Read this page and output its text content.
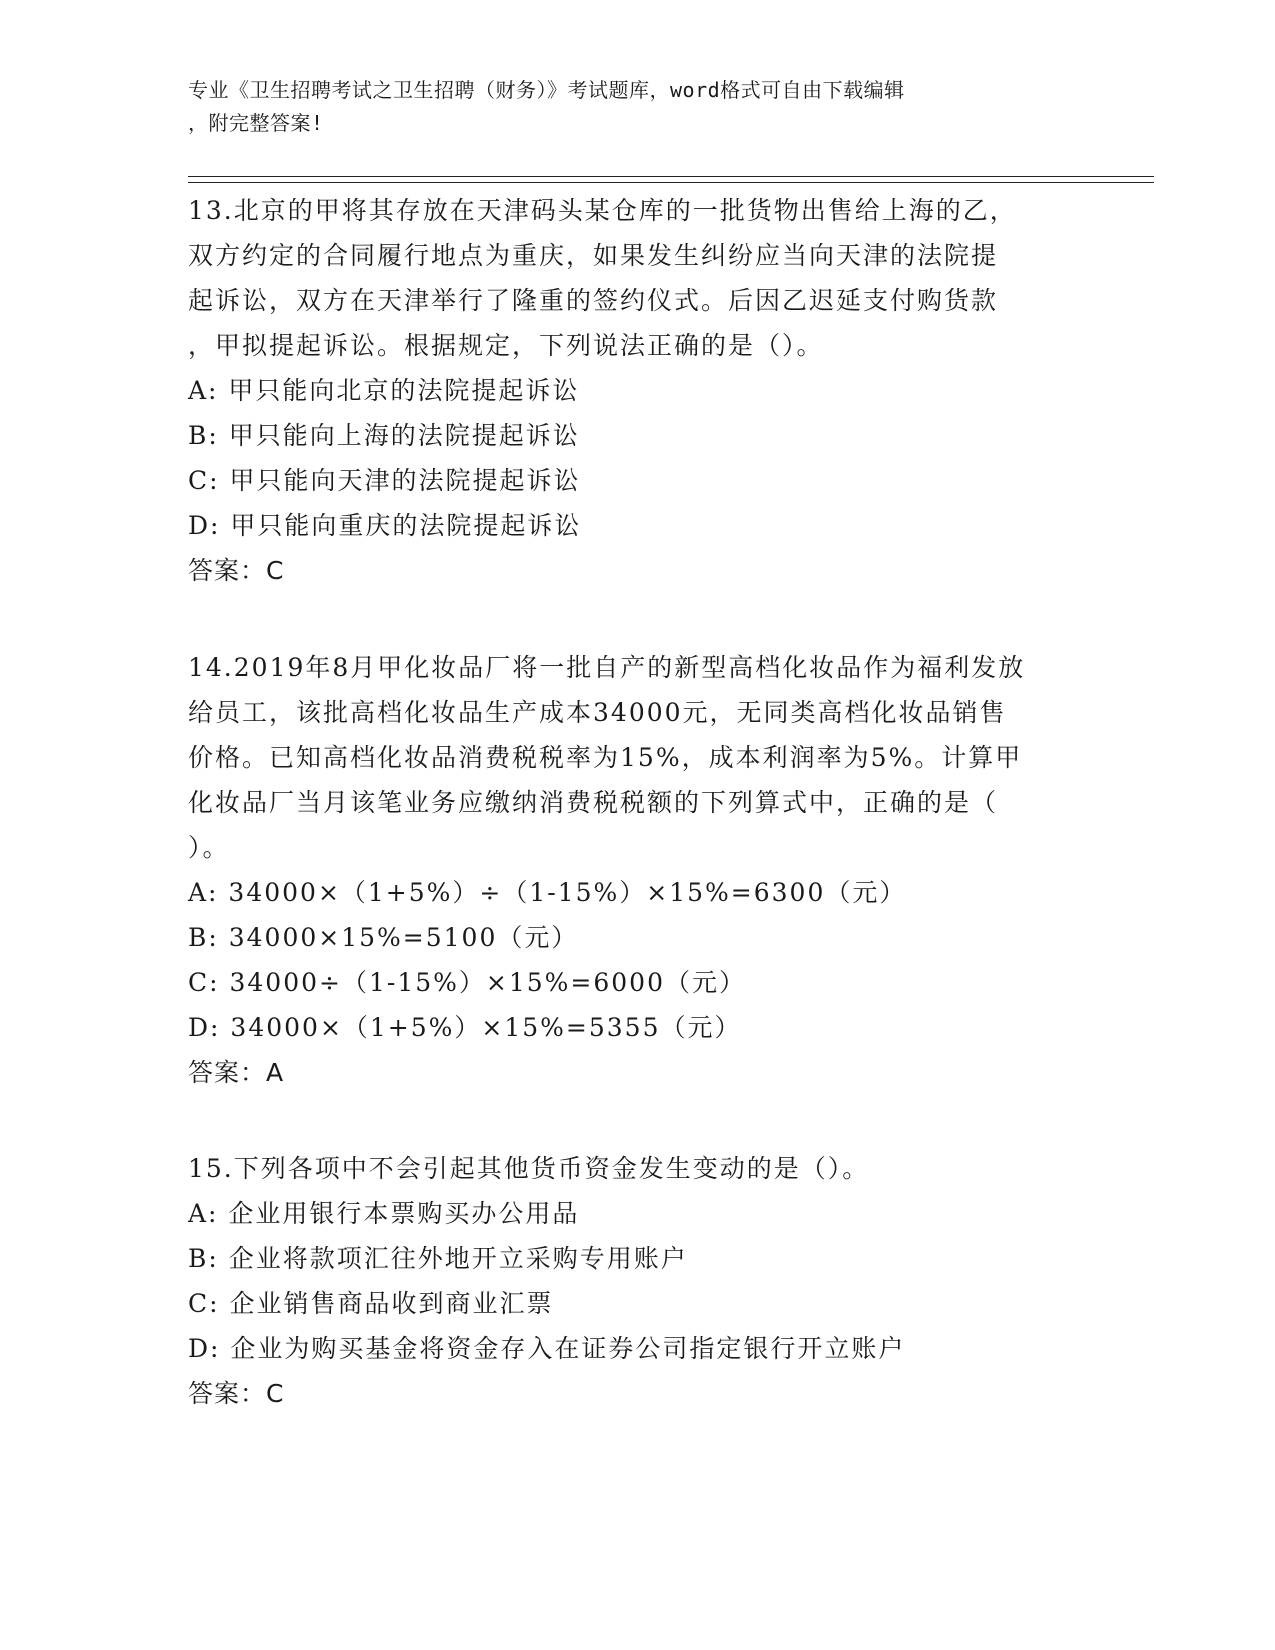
专业《卫生招聘考试之卫生招聘（财务）》考试题库，word格式可自由下载编辑
，附完整答案!
13.北京的甲将其存放在天津码头某仓库的一批货物出售给上海的乙，
双方约定的合同履行地点为重庆，如果发生纠纷应当向天津的法院提
起诉讼，双方在天津举行了隆重的签约仪式。后因乙迟延支付购货款
，甲拟提起诉讼。根据规定，下列说法正确的是（）。
A: 甲只能向北京的法院提起诉讼
B: 甲只能向上海的法院提起诉讼
C: 甲只能向天津的法院提起诉讼
D: 甲只能向重庆的法院提起诉讼
答案：C
14.2019年8月甲化妆品厂将一批自产的新型高档化妆品作为福利发放
给员工，该批高档化妆品生产成本34000元，无同类高档化妆品销售
价格。已知高档化妆品消费税税率为15%，成本利润率为5%。计算甲
化妆品厂当月该笔业务应缴纳消费税税额的下列算式中，正确的是（
）。
A: 34000×（1+5%）÷（1-15%）×15%=6300（元）
B: 34000×15%=5100（元）
C: 34000÷（1-15%）×15%=6000（元）
D: 34000×（1+5%）×15%=5355（元）
答案：A
15.下列各项中不会引起其他货币资金发生变动的是（）。
A: 企业用银行本票购买办公用品
B: 企业将款项汇往外地开立采购专用账户
C: 企业销售商品收到商业汇票
D: 企业为购买基金将资金存入在证券公司指定银行开立账户
答案：C
